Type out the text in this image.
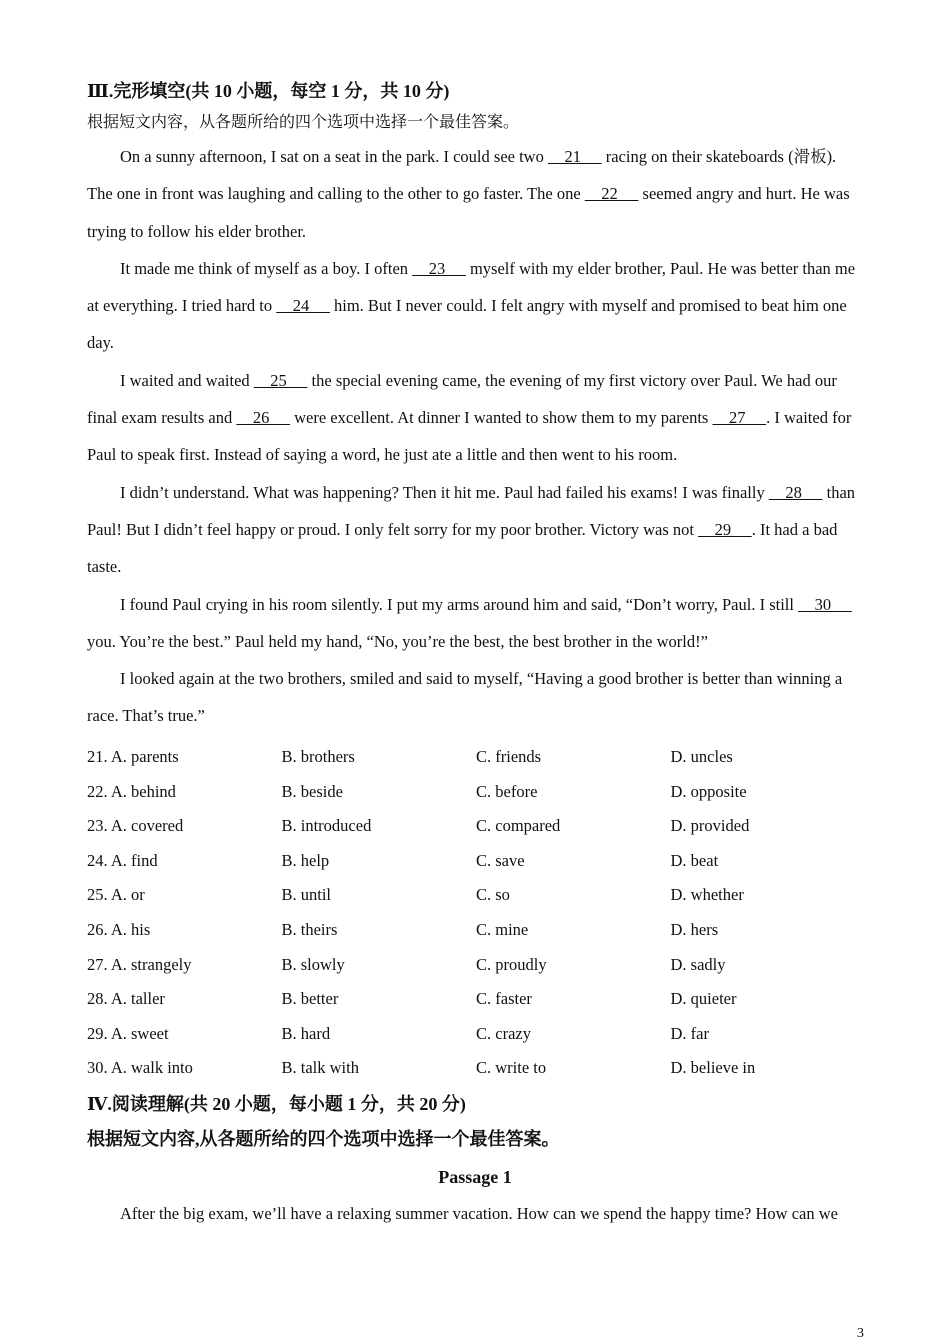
Ⅲ.完形填空(共 10 小题，每空 1 分，共 10 分)

根据短文内容，从各题所给的四个选项中选择一个最佳答案。

On a sunny afternoon, I sat on a seat in the park. I could see two     21      racing on their skateboards (滑板). The one in front was laughing and calling to the other to go faster. The one     22      seemed angry and hurt. He was trying to follow his elder brother.

It made me think of myself as a boy. I often     23      myself with my elder brother, Paul. He was better than me at everything. I tried hard to     24      him. But I never could. I felt angry with myself and promised to beat him one day.

I waited and waited     25      the special evening came, the evening of my first victory over Paul. We had our final exam results and     26      were excellent. At dinner I wanted to show them to my parents     27     . I waited for Paul to speak first. Instead of saying a word, he just ate a little and then went to his room.

I didn’t understand. What was happening? Then it hit me. Paul had failed his exams! I was finally     28      than Paul! But I didn’t feel happy or proud. I only felt sorry for my poor brother. Victory was not     29     . It had a bad taste.

I found Paul crying in his room silently. I put my arms around him and said, “Don’t worry, Paul. I still     30      you. You’re the best.” Paul held my hand, “No, you’re the best, the best brother in the world!”

I looked again at the two brothers, smiled and said to myself, “Having a good brother is better than winning a race. That’s true.”

21. A. parents	B. brothers	C. friends	D. uncles
22. A. behind	B. beside	C. before	D. opposite
23. A. covered	B. introduced	C. compared	D. provided
24. A. find	B. help	C. save	D. beat
25. A. or	B. until	C. so	D. whether
26. A. his	B. theirs	C. mine	D. hers
27. A. strangely	B. slowly	C. proudly	D. sadly
28. A. taller	B. better	C. faster	D. quieter
29. A. sweet	B. hard	C. crazy	D. far
30. A. walk into	B. talk with	C. write to	D. believe in

Ⅳ.阅读理解(共 20 小题，每小题 1 分，共 20 分)

根据短文内容,从各题所给的四个选项中选择一个最佳答案。

Passage 1

After the big exam, we’ll have a relaxing summer vacation. How can we spend the happy time? How can we

3
